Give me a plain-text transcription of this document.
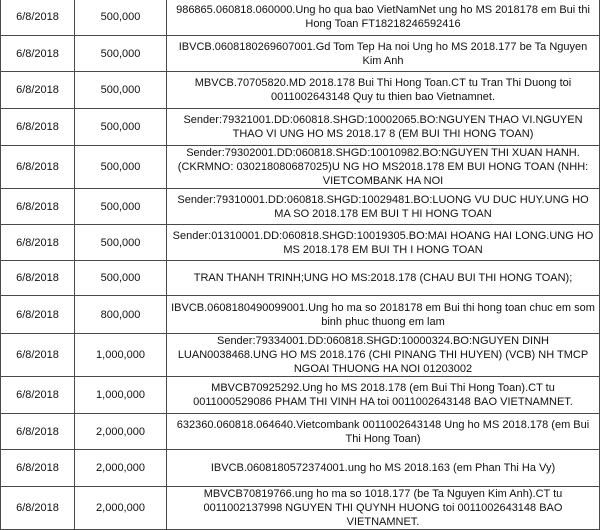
6/8/2018	500,000	986865.060818.060000.Ung ho qua bao VietNamNet ung ho MS 2018178 em Bui thi Hong Toan FT18218246592416
6/8/2018	500,000	IBVCB.0608180269607001.Gd Tom Tep Ha noi Ung ho MS 2018.177 be Ta Nguyen Kim Anh
6/8/2018	500,000	MBVCB.70705820.MD 2018.178 Bui Thi Hong Toan.CT tu Tran Thi Duong toi 0011002643148 Quy tu thien bao Vietnamnet.
6/8/2018	500,000	Sender:79321001.DD:060818.SHGD:10002065.BO:NGUYEN THAO VI.NGUYEN THAO VI UNG HO MS 2018.17 8 (EM BUI THI HONG TOAN)
6/8/2018	500,000	Sender:79302001.DD:060818.SHGD:10010982.BO:NGUYEN THI XUAN HANH.(CKRMNO: 030218080687025)U NG HO MS2018.178 EM BUI HONG TOAN (NHH: VIETCOMBANK HA NOI
6/8/2018	500,000	Sender:79310001.DD:060818.SHGD:10029481.BO:LUONG VU DUC HUY.UNG HO MA SO 2018.178 EM BUI T HI HONG TOAN
6/8/2018	500,000	Sender:01310001.DD:060818.SHGD:10019305.BO:MAI HOANG HAI LONG.UNG HO MS 2018.178 EM BUI TH I HONG TOAN
6/8/2018	500,000	TRAN THANH TRINH;UNG HO MS:2018.178 (CHAU BUI THI HONG TOAN);
6/8/2018	800,000	IBVCB.0608180490099001.Ung ho ma so 2018178 em Bui thi hong toan chuc em som binh phuc thuong em lam
6/8/2018	1,000,000	Sender:79334001.DD:060818.SHGD:10000324.BO:NGUYEN DINH LUAN0038468.UNG HO MS 2018.176 (CHI PINANG THI HUYEN) (VCB) NH TMCP NGOAI THUONG HA NOI 01203002
6/8/2018	1,000,000	MBVCB70925292.Ung ho MS 2018.178 (em Bui Thi Hong Toan).CT tu 0011000529086 PHAM THI VINH HA toi 0011002643148 BAO VIETNAMNET.
6/8/2018	2,000,000	632360.060818.064640.Vietcombank 0011002643148 Ung ho MS 2018.178 (em Bui Thi Hong Toan)
6/8/2018	2,000,000	IBVCB.0608180572374001.ung ho MS 2018.163 (em Phan Thi Ha Vy)
6/8/2018	2,000,000	MBVCB70819766.ung ho ma so 1018.177 (be Ta Nguyen Kim Anh).CT tu 0011002137998 NGUYEN THI QUYNH HUONG toi 0011002643148 BAO VIETNAMNET.
